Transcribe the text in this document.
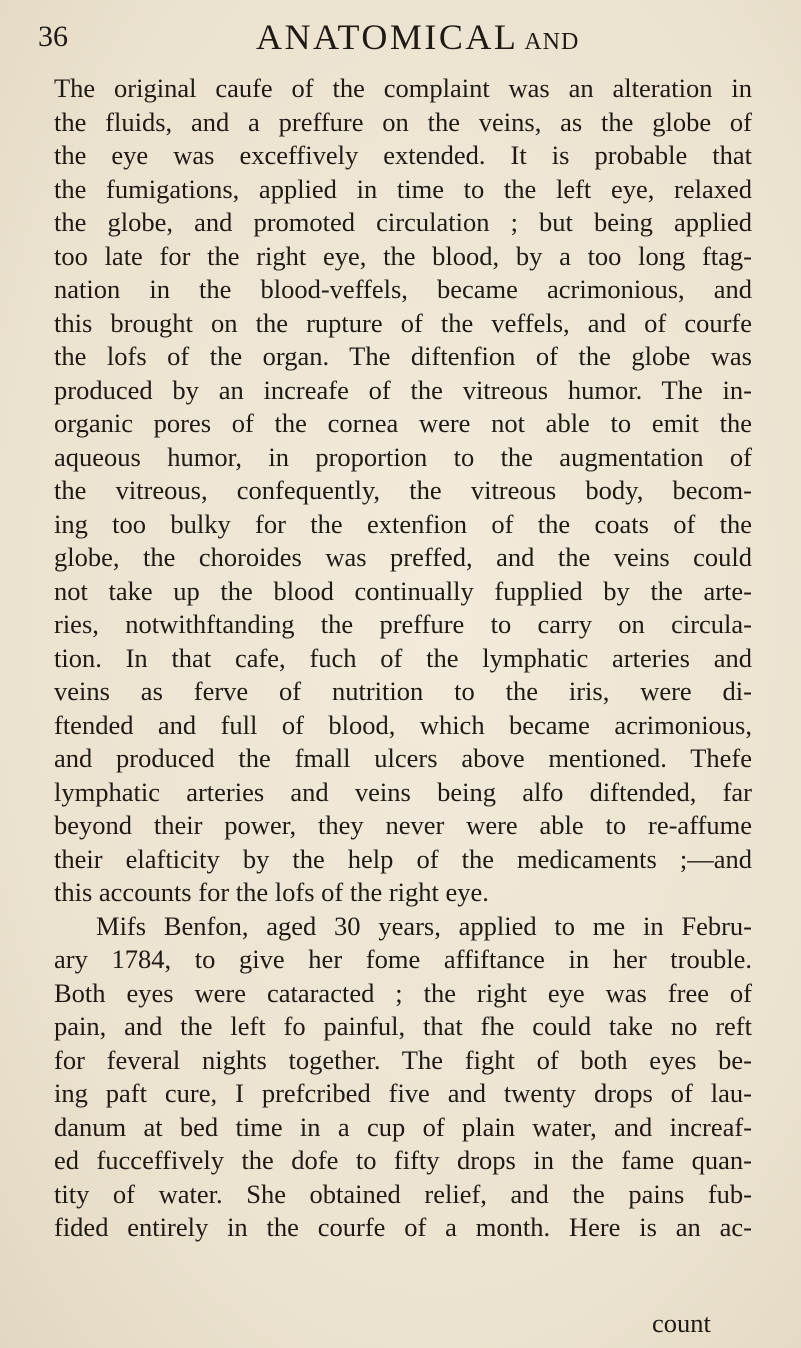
36	ANATOMICAL AND
The original caufe of the complaint was an alteration in
the fluids, and a preffure on the veins, as the globe of
the eye was exceffively extended. It is probable that
the fumigations, applied in time to the left eye, relaxed
the globe, and promoted circulation ; but being applied
too late for the right eye, the blood, by a too long ftag-
nation in the blood-veffels, became acrimonious, and
this brought on the rupture of the veffels, and of courfe
the lofs of the organ. The diftenfion of the globe was
produced by an increafe of the vitreous humor. The in-
organic pores of the cornea were not able to emit the
aqueous humor, in proportion to the augmentation of
the vitreous, confequently, the vitreous body, becom-
ing too bulky for the extenfion of the coats of the
globe, the choroides was preffed, and the veins could
not take up the blood continually fupplied by the arte-
ries, notwithftanding the preffure to carry on circula-
tion. In that cafe, fuch of the lymphatic arteries and
veins as ferve of nutrition to the iris, were di-
ftended and full of blood, which became acrimonious,
and produced the fmall ulcers above mentioned. Thefe
lymphatic arteries and veins being alfo diftended, far
beyond their power, they never were able to re-affume
their elafticity by the help of the medicaments ;—and
this accounts for the lofs of the right eye.
Mifs Benfon, aged 30 years, applied to me in Febru-
ary 1784, to give her fome affiftance in her trouble.
Both eyes were cataracted ; the right eye was free of
pain, and the left fo painful, that fhe could take no reft
for feveral nights together. The fight of both eyes be-
ing paft cure, I prefcribed five and twenty drops of lau-
danum at bed time in a cup of plain water, and increaf-
ed fucceffively the dofe to fifty drops in the fame quan-
tity of water. She obtained relief, and the pains fub-
fided entirely in the courfe of a month. Here is an ac-
count
